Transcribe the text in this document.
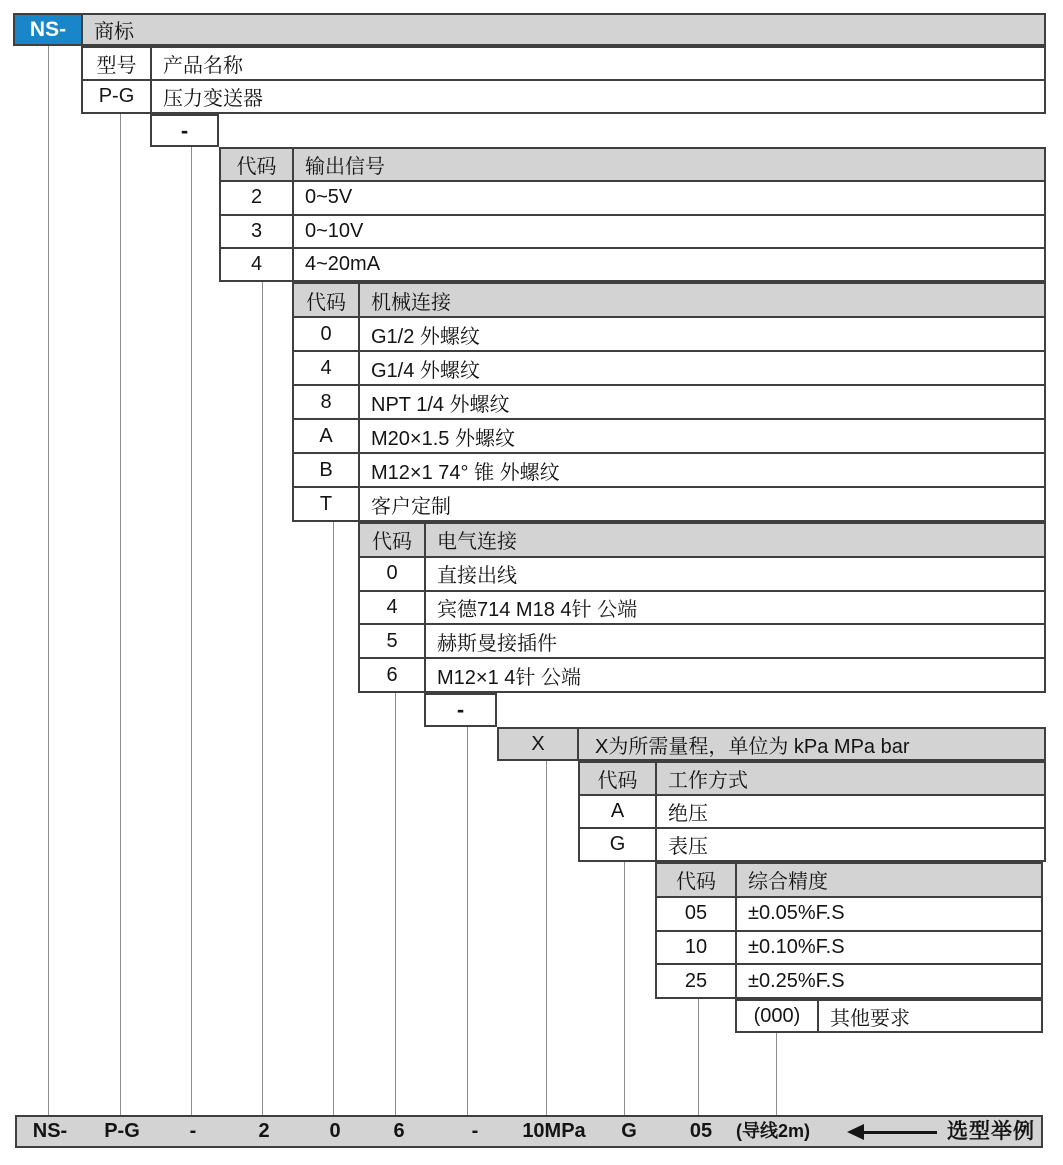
NS- 商标
型号 产品名称
P-G 压力变送器
-
代码 输出信号
2 0~5V
3 0~10V
4 4~20mA
代码 机械连接
0 G1/2 外螺纹
4 G1/4 外螺纹
8 NPT 1/4 外螺纹
A M20×1.5 外螺纹
B M12×1 74° 锥 外螺纹
T 客户定制
代码 电气连接
0 直接出线
4 宾德714 M18 4针 公端
5 赫斯曼接插件
6 M12×1 4针 公端
-
X	X为所需量程，单位为 kPa MPa bar
代码 工作方式
A 绝压
G 表压
代码 综合精度
05 ±0.05%F.S
10 ±0.10%F.S
25 ±0.25%F.S
(000) 其他要求
NS- P-G -	2	0	6	- 10MPa G	05 (导线2m)	选型举例
